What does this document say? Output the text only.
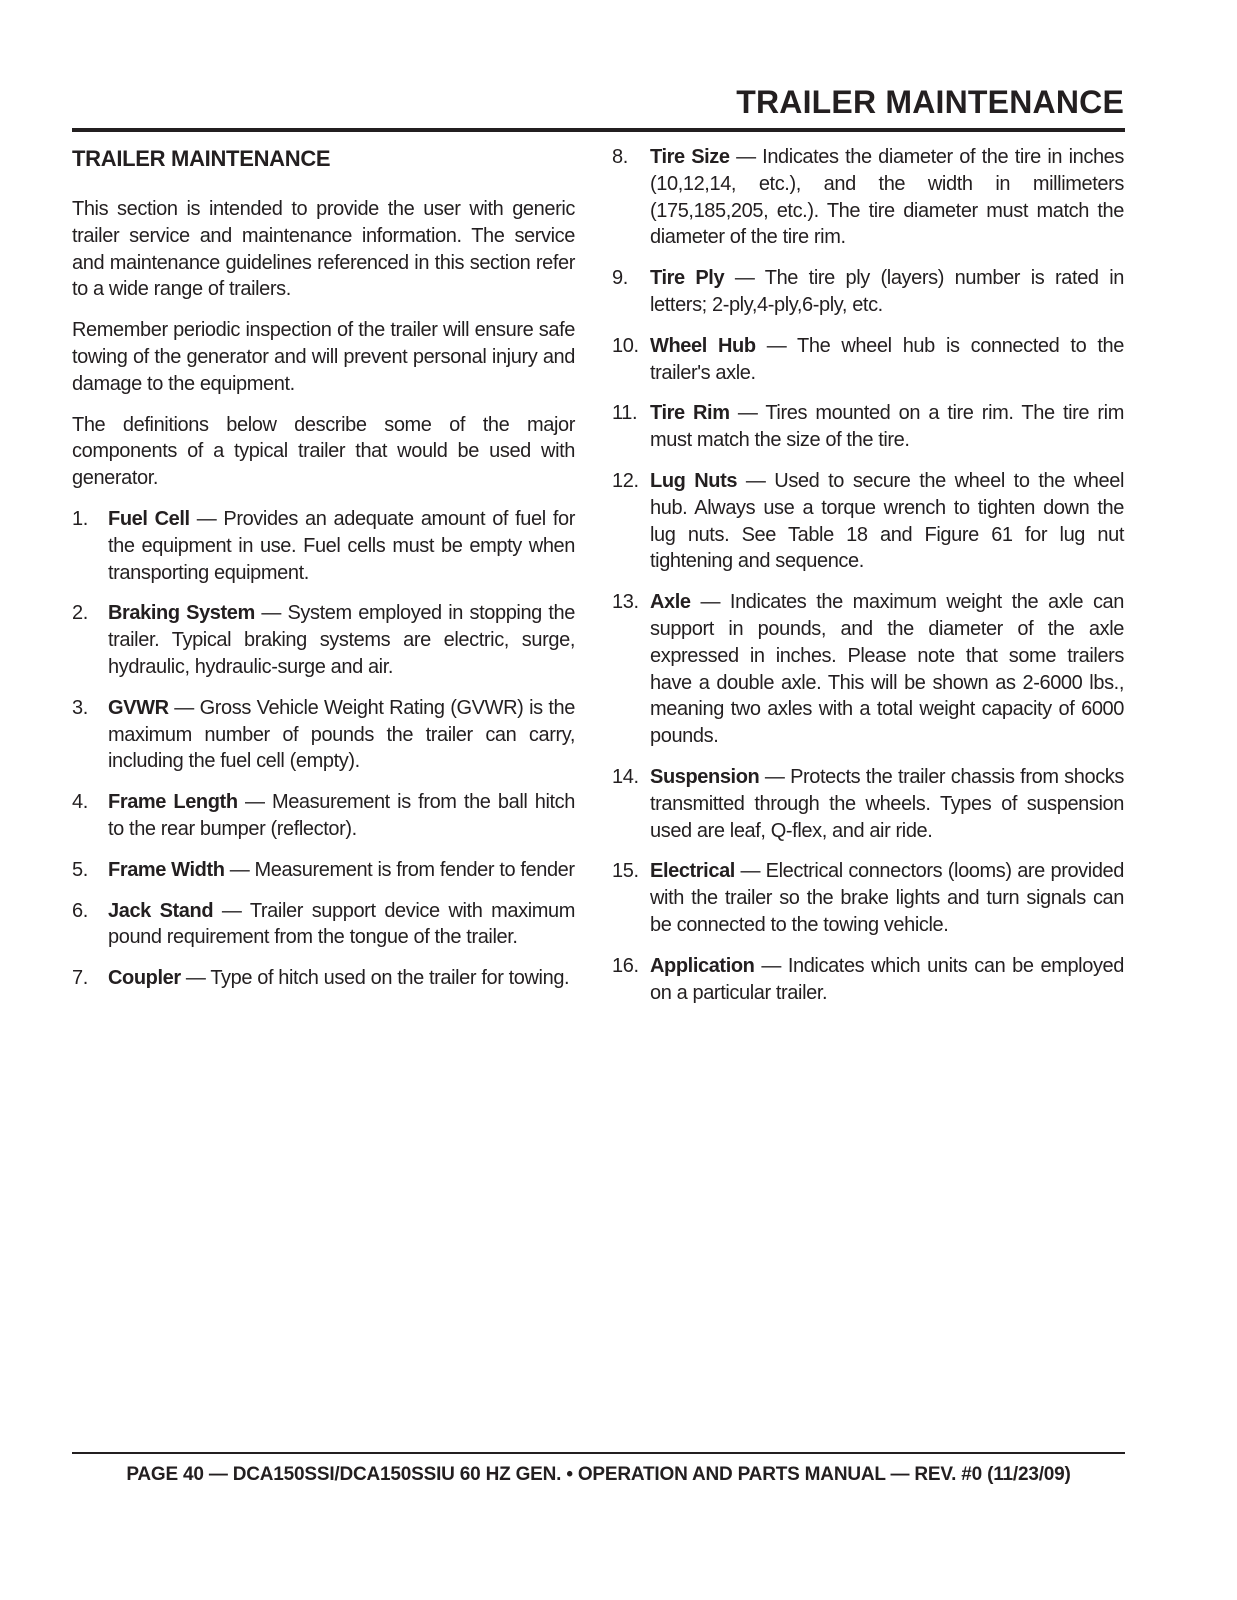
TRAILER MAINTENANCE
TRAILER MAINTENANCE

This section is intended to provide the user with generic trailer service and maintenance information. The service and maintenance guidelines referenced in this section refer to a wide range of trailers.

Remember periodic inspection of the trailer will ensure safe towing of the generator and will prevent personal injury and damage to the equipment.

The definitions below describe some of the major components of a typical trailer that would be used with generator.

1. Fuel Cell — Provides an adequate amount of fuel for the equipment in use. Fuel cells must be empty when transporting equipment.
2. Braking System — System employed in stopping the trailer. Typical braking systems are electric, surge, hydraulic, hydraulic-surge and air.
3. GVWR — Gross Vehicle Weight Rating (GVWR) is the maximum number of pounds the trailer can carry, including the fuel cell (empty).
4. Frame Length — Measurement is from the ball hitch to the rear bumper (reflector).
5. Frame Width — Measurement is from fender to fender
6. Jack Stand — Trailer support device with maximum pound requirement from the tongue of the trailer.
7. Coupler — Type of hitch used on the trailer for towing.
8. Tire Size — Indicates the diameter of the tire in inches (10,12,14, etc.), and the width in millimeters (175,185,205, etc.). The tire diameter must match the diameter of the tire rim.
9. Tire Ply — The tire ply (layers) number is rated in letters; 2-ply,4-ply,6-ply, etc.
10. Wheel Hub — The wheel hub is connected to the trailer's axle.
11. Tire Rim — Tires mounted on a tire rim. The tire rim must match the size of the tire.
12. Lug Nuts — Used to secure the wheel to the wheel hub. Always use a torque wrench to tighten down the lug nuts. See Table 18 and Figure 61 for lug nut tightening and sequence.
13. Axle — Indicates the maximum weight the axle can support in pounds, and the diameter of the axle expressed in inches. Please note that some trailers have a double axle. This will be shown as 2-6000 lbs., meaning two axles with a total weight capacity of 6000 pounds.
14. Suspension — Protects the trailer chassis from shocks transmitted through the wheels. Types of suspension used are leaf, Q-flex, and air ride.
15. Electrical — Electrical connectors (looms) are provided with the trailer so the brake lights and turn signals can be connected to the towing vehicle.
16. Application — Indicates which units can be employed on a particular trailer.
PAGE 40 — DCA150SSI/DCA150SSIU 60 HZ GEN. • OPERATION AND PARTS MANUAL — REV. #0 (11/23/09)
